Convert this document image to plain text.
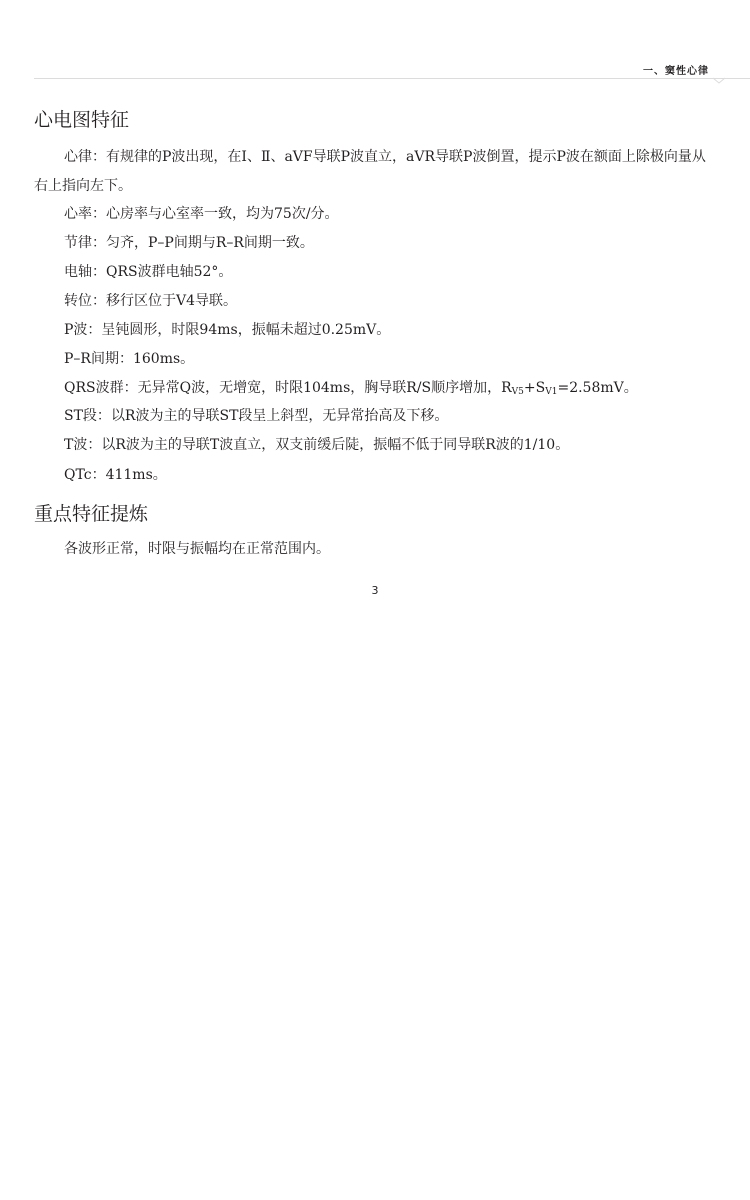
一、窦性心律
心电图特征

心律：有规律的P波出现，在Ⅰ、Ⅱ、aVF导联P波直立，aVR导联P波倒置，提示P波在额面上除极向量从右上指向左下。

心率：心房率与心室率一致，均为75次/分。

节律：匀齐，P–P间期与R–R间期一致。

电轴：QRS波群电轴52°。

转位：移行区位于V4导联。

P波：呈钝圆形，时限94ms，振幅未超过0.25mV。

P–R间期：160ms。

QRS波群：无异常Q波，无增宽，时限104ms，胸导联R/S顺序增加，$R_{V5}+S_{V1}=2.58mV$。

ST段：以R波为主的导联ST段呈上斜型，无异常抬高及下移。

T波：以R波为主的导联T波直立，双支前缓后陡，振幅不低于同导联R波的1/10。

QTc：411ms。

重点特征提炼

各波形正常，时限与振幅均在正常范围内。

3
